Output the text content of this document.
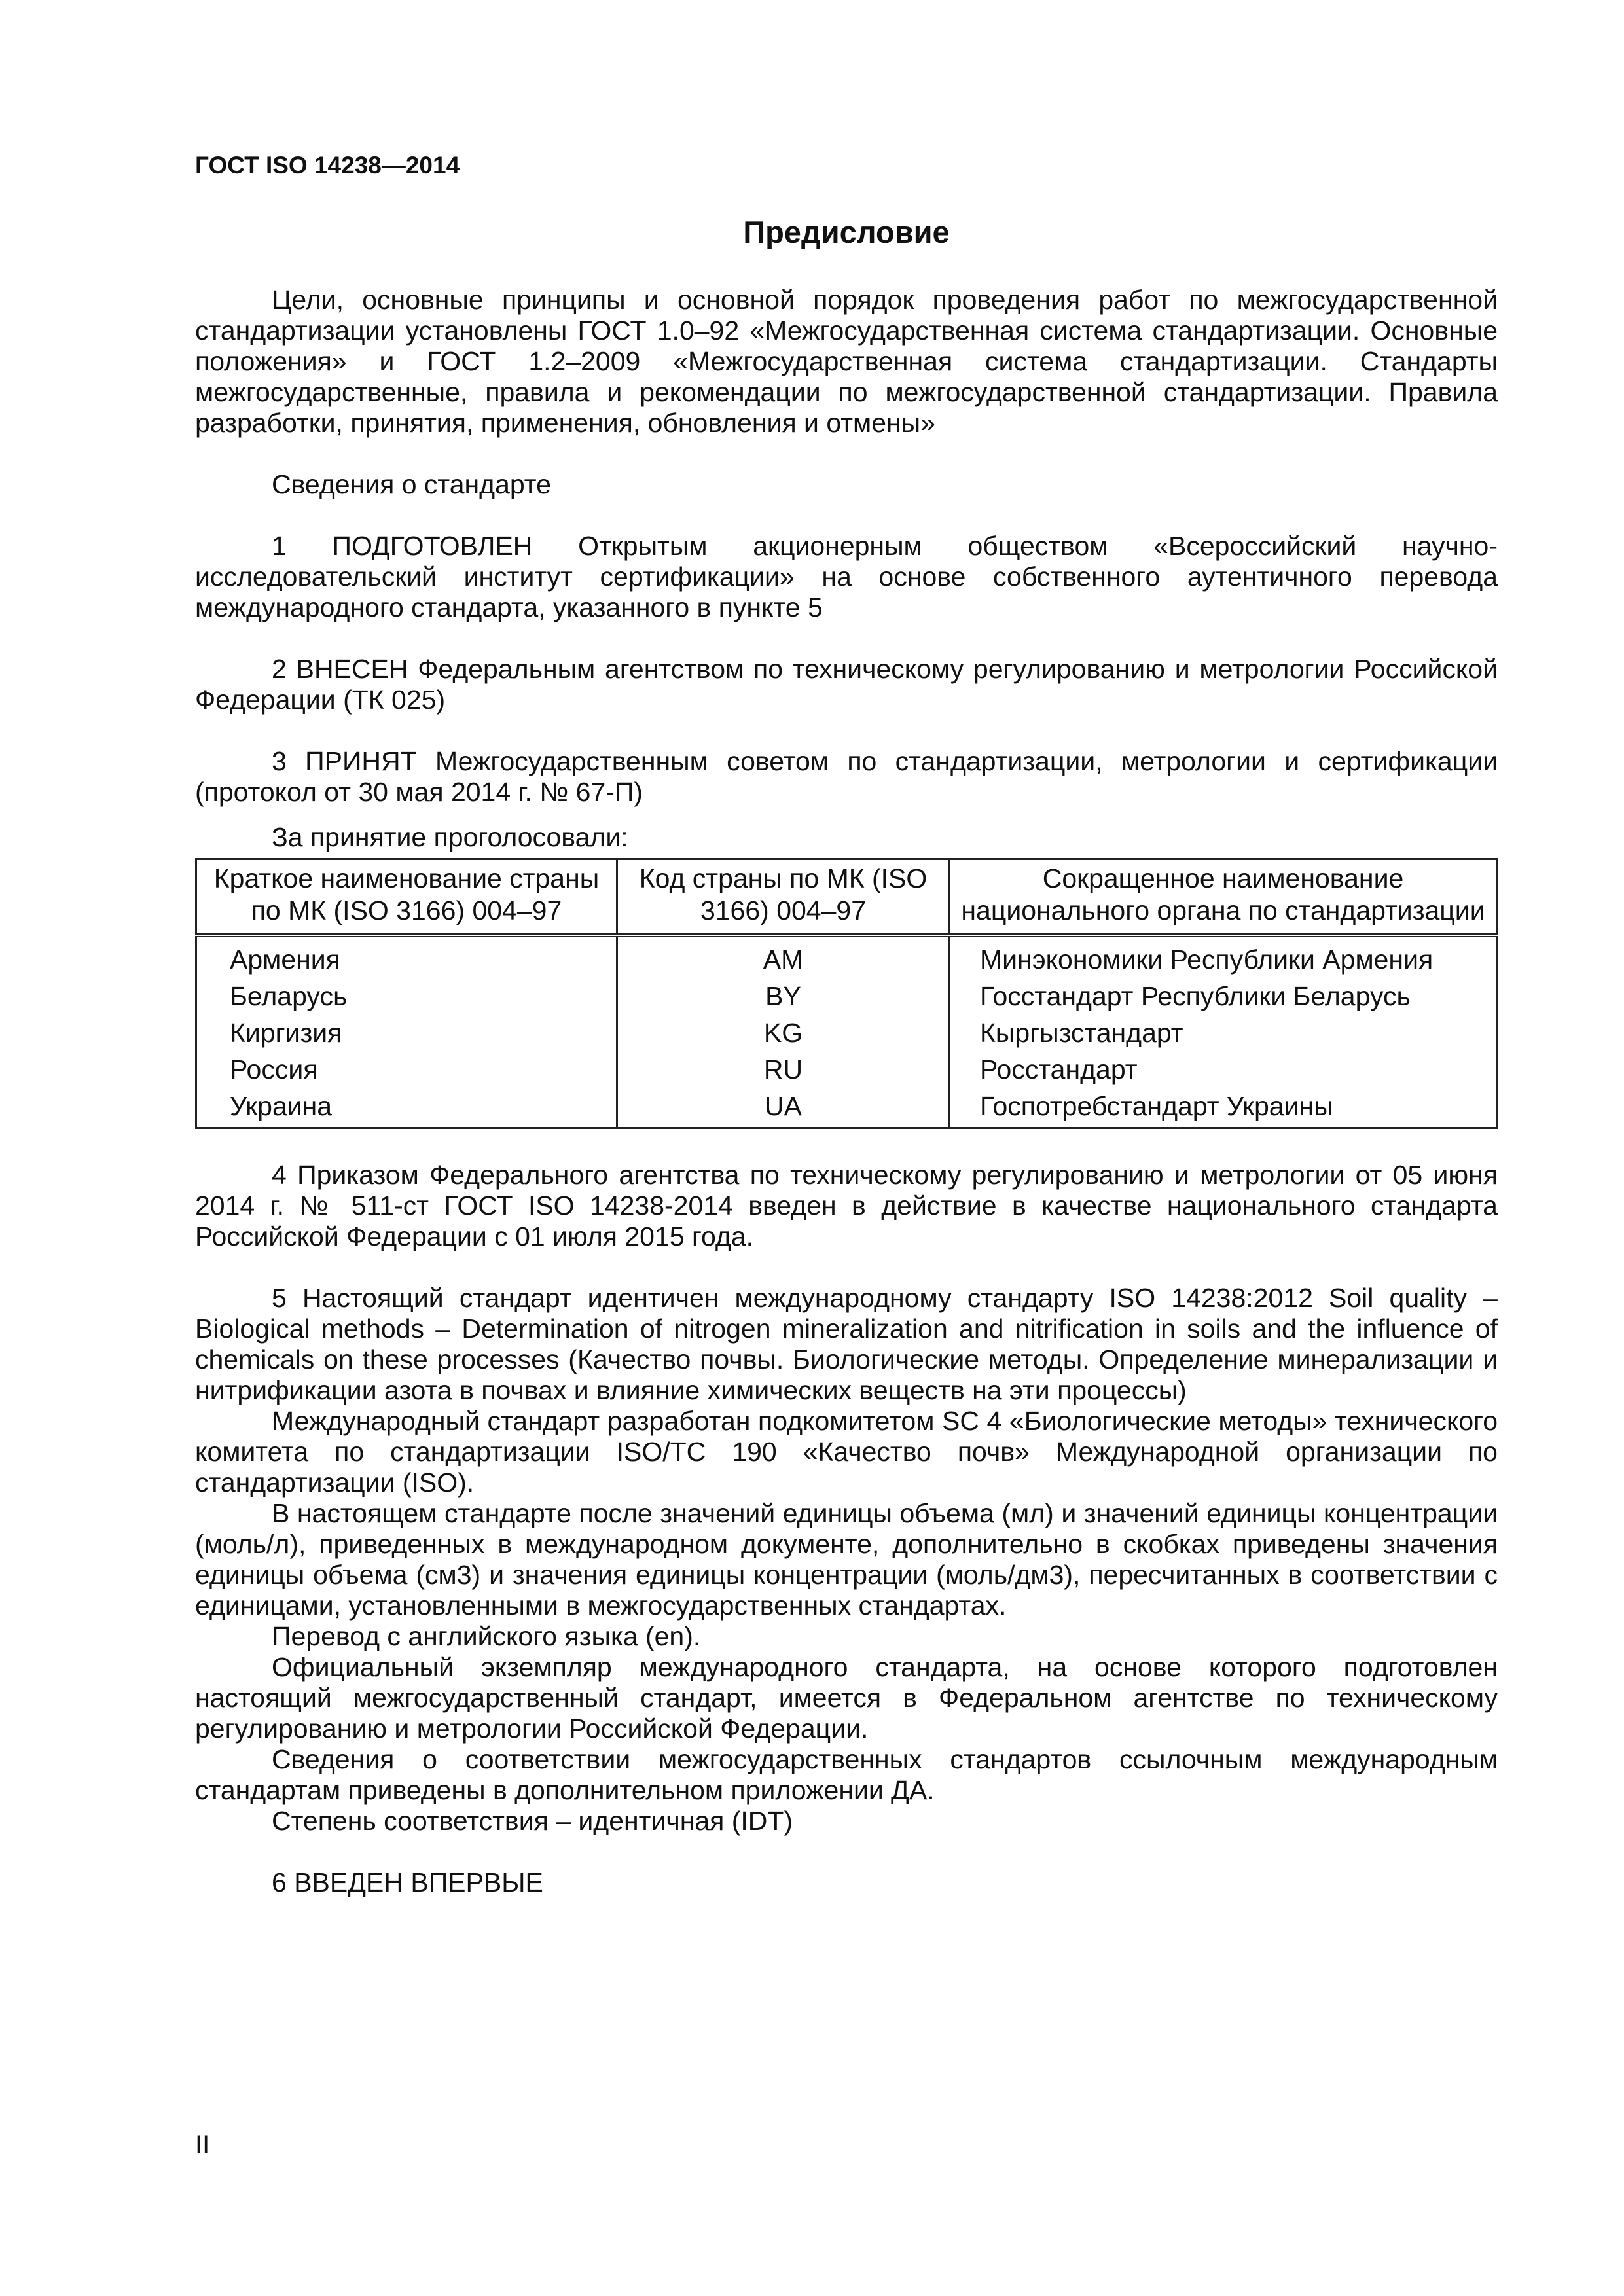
ГОСТ ISO 14238—2014
Предисловие

Цели, основные принципы и основной порядок проведения работ по межгосударственной стандартизации установлены ГОСТ 1.0–92 «Межгосударственная система стандартизации. Основные положения» и ГОСТ 1.2–2009 «Межгосударственная система стандартизации. Стандарты межгосударственные, правила и рекомендации по межгосударственной стандартизации. Правила разработки, принятия, применения, обновления и отмены»

Сведения о стандарте

1 ПОДГОТОВЛЕН Открытым акционерным обществом «Всероссийский научно-исследовательский институт сертификации» на основе собственного аутентичного перевода международного стандарта, указанного в пункте 5

2 ВНЕСЕН Федеральным агентством по техническому регулированию и метрологии Российской Федерации (ТК 025)

3 ПРИНЯТ Межгосударственным советом по стандартизации, метрологии и сертификации (протокол от 30 мая 2014 г. № 67-П)

За принятие проголосовали:

Краткое наименование страны по МК (ISO 3166) 004–97	Код страны по МК (ISO 3166) 004–97	Сокращенное наименование национального органа по стандартизации
Армения	AM	Минэкономики Республики Армения
Беларусь	BY	Госстандарт Республики Беларусь
Киргизия	KG	Кыргызстандарт
Россия	RU	Росстандарт
Украина	UA	Госпотребстандарт Украины

4 Приказом Федерального агентства по техническому регулированию и метрологии от 05 июня 2014 г. № 511-ст ГОСТ ISO 14238-2014 введен в действие в качестве национального стандарта Российской Федерации с 01 июля 2015 года.

5 Настоящий стандарт идентичен международному стандарту ISO 14238:2012 Soil quality – Biological methods – Determination of nitrogen mineralization and nitrification in soils and the influence of chemicals on these processes (Качество почвы. Биологические методы. Определение минерализации и нитрификации азота в почвах и влияние химических веществ на эти процессы)

Международный стандарт разработан подкомитетом SC 4 «Биологические методы» технического комитета по стандартизации ISO/TC 190 «Качество почв» Международной организации по стандартизации (ISO).

В настоящем стандарте после значений единицы объема (мл) и значений единицы концентрации (моль/л), приведенных в международном документе, дополнительно в скобках приведены значения единицы объема (см3) и значения единицы концентрации (моль/дм3), пересчитанных в соответствии с единицами, установленными в межгосударственных стандартах.

Перевод с английского языка (en).

Официальный экземпляр международного стандарта, на основе которого подготовлен настоящий межгосударственный стандарт, имеется в Федеральном агентстве по техническому регулированию и метрологии Российской Федерации.

Сведения о соответствии межгосударственных стандартов ссылочным международным стандартам приведены в дополнительном приложении ДА.

Степень соответствия – идентичная (IDT)

6 ВВЕДЕН ВПЕРВЫЕ

II
